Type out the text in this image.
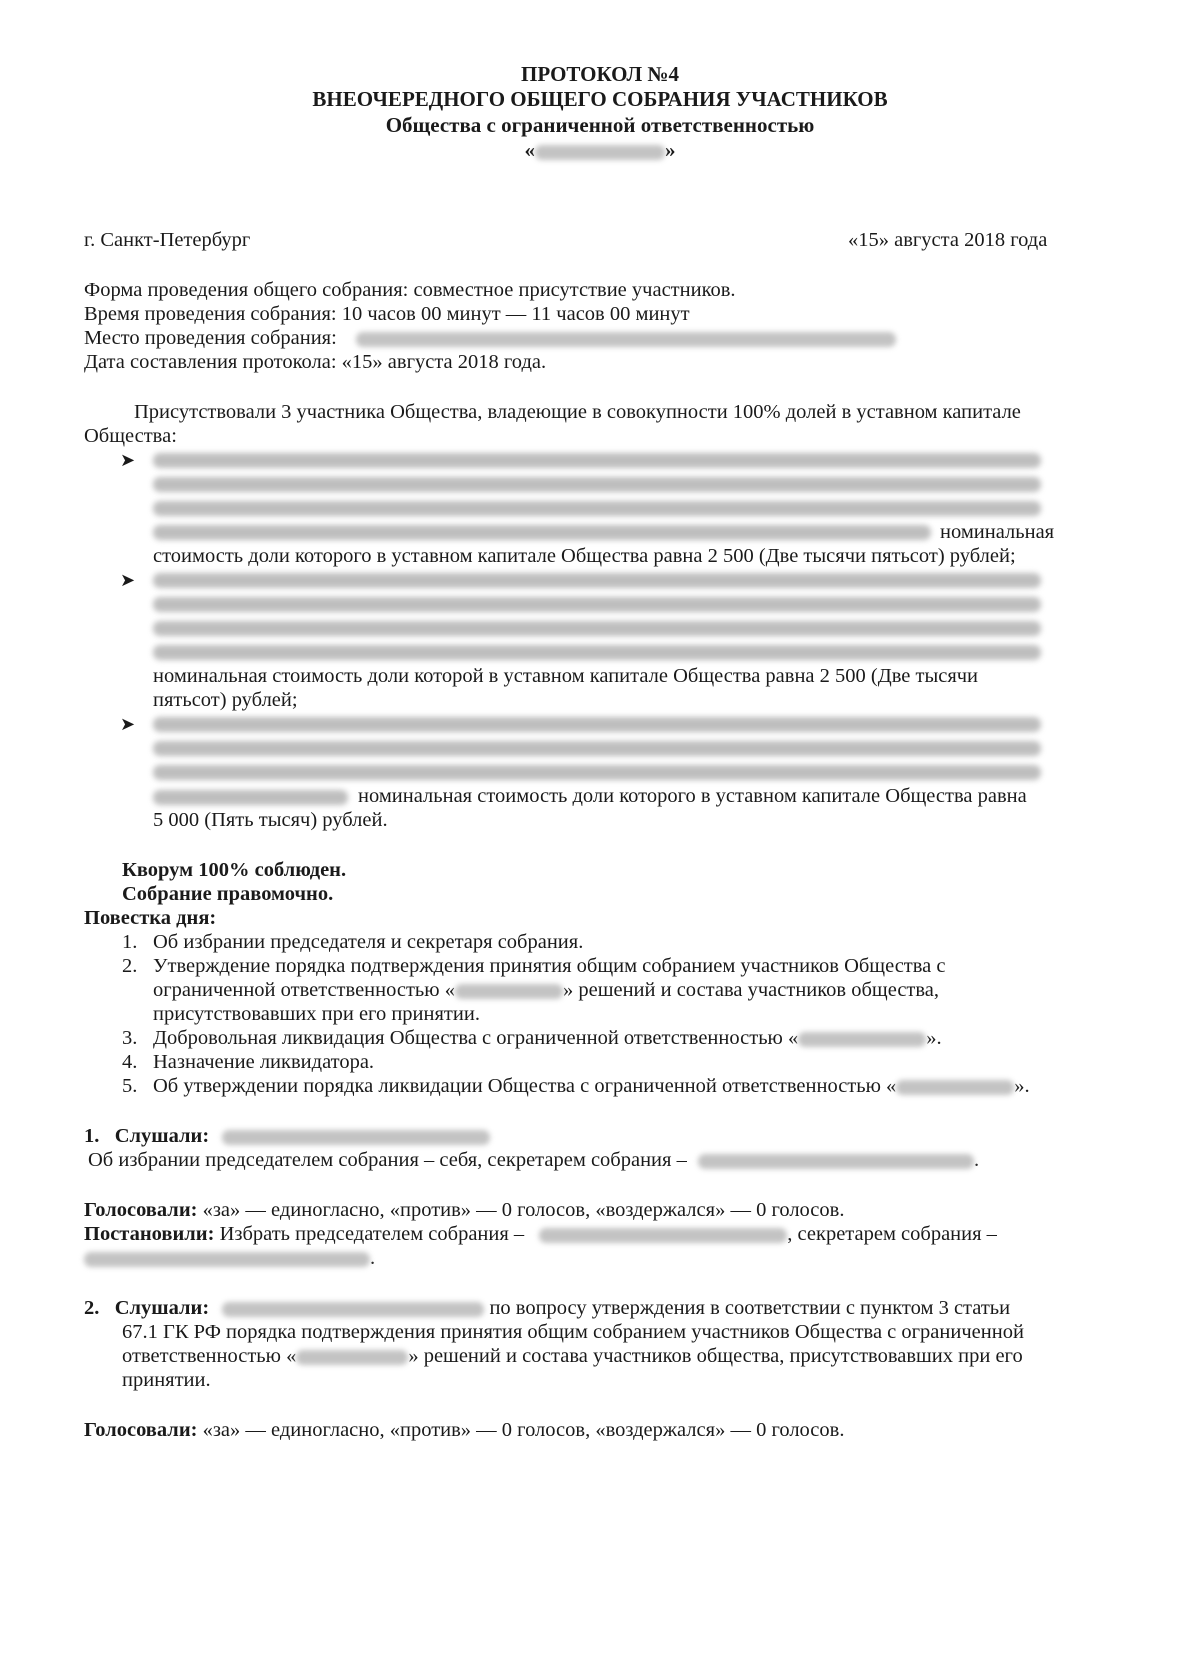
ПРОТОКОЛ №4
ВНЕОЧЕРЕДНОГО ОБЩЕГО СОБРАНИЯ УЧАСТНИКОВ
Общества с ограниченной ответственностью
«	»
г. Санкт-Петербург	«15» августа 2018 года
Форма проведения общего собрания: совместное присутствие участников.
Время проведения собрания: 10 часов 00 минут — 11 часов 00 минут
Место проведения собрания:
Дата составления протокола: «15» августа 2018 года.
Присутствовали 3 участника Общества, владеющие в совокупности 100% долей в уставном капитале
Общества:
➤
номинальная
стоимость доли которого в уставном капитале Общества равна 2 500 (Две тысячи пятьсот) рублей;
➤
номинальная стоимость доли которой в уставном капитале Общества равна 2 500 (Две тысячи
пятьсот) рублей;
➤
номинальная стоимость доли которого в уставном капитале Общества равна
5 000 (Пять тысяч) рублей.
Кворум 100% соблюден.
Собрание правомочно.
Повестка дня:
1. Об избрании председателя и секретаря собрания.
2. Утверждение порядка подтверждения принятия общим собранием участников Общества с
ограниченной ответственностью «	» решений и состава участников общества,
присутствовавших при его принятии.
3. Добровольная ликвидация Общества с ограниченной ответственностью «	».
4. Назначение ликвидатора.
5. Об утверждении порядка ликвидации Общества с ограниченной ответственностью «	».
1. Слушали:
Об избрании председателем собрания – себя, секретарем собрания –	.
Голосовали: «за» — единогласно, «против» — 0 голосов, «воздержался» — 0 голосов.
Постановили: Избрать председателем собрания –	, секретарем собрания –
.
2. Слушали:	по вопросу утверждения в соответствии с пунктом 3 статьи
67.1 ГК РФ порядка подтверждения принятия общим собранием участников Общества с ограниченной
ответственностью «	» решений и состава участников общества, присутствовавших при его
принятии.
Голосовали: «за» — единогласно, «против» — 0 голосов, «воздержался» — 0 голосов.
